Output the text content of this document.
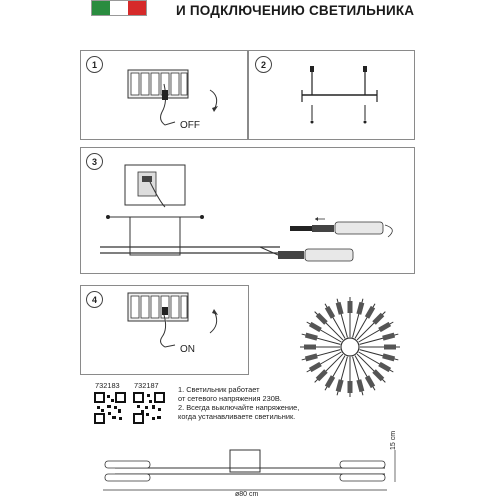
И ПОДКЛЮЧЕНИЮ СВЕТИЛЬНИКА
1
OFF
2
3
4
ON
732183 732187	1. Светильник работает
от сетевого напряжения 230В.
2. Всегда выключайте напряжение,
когда устанавливаете светильник.
15 cm
ø80 cm
